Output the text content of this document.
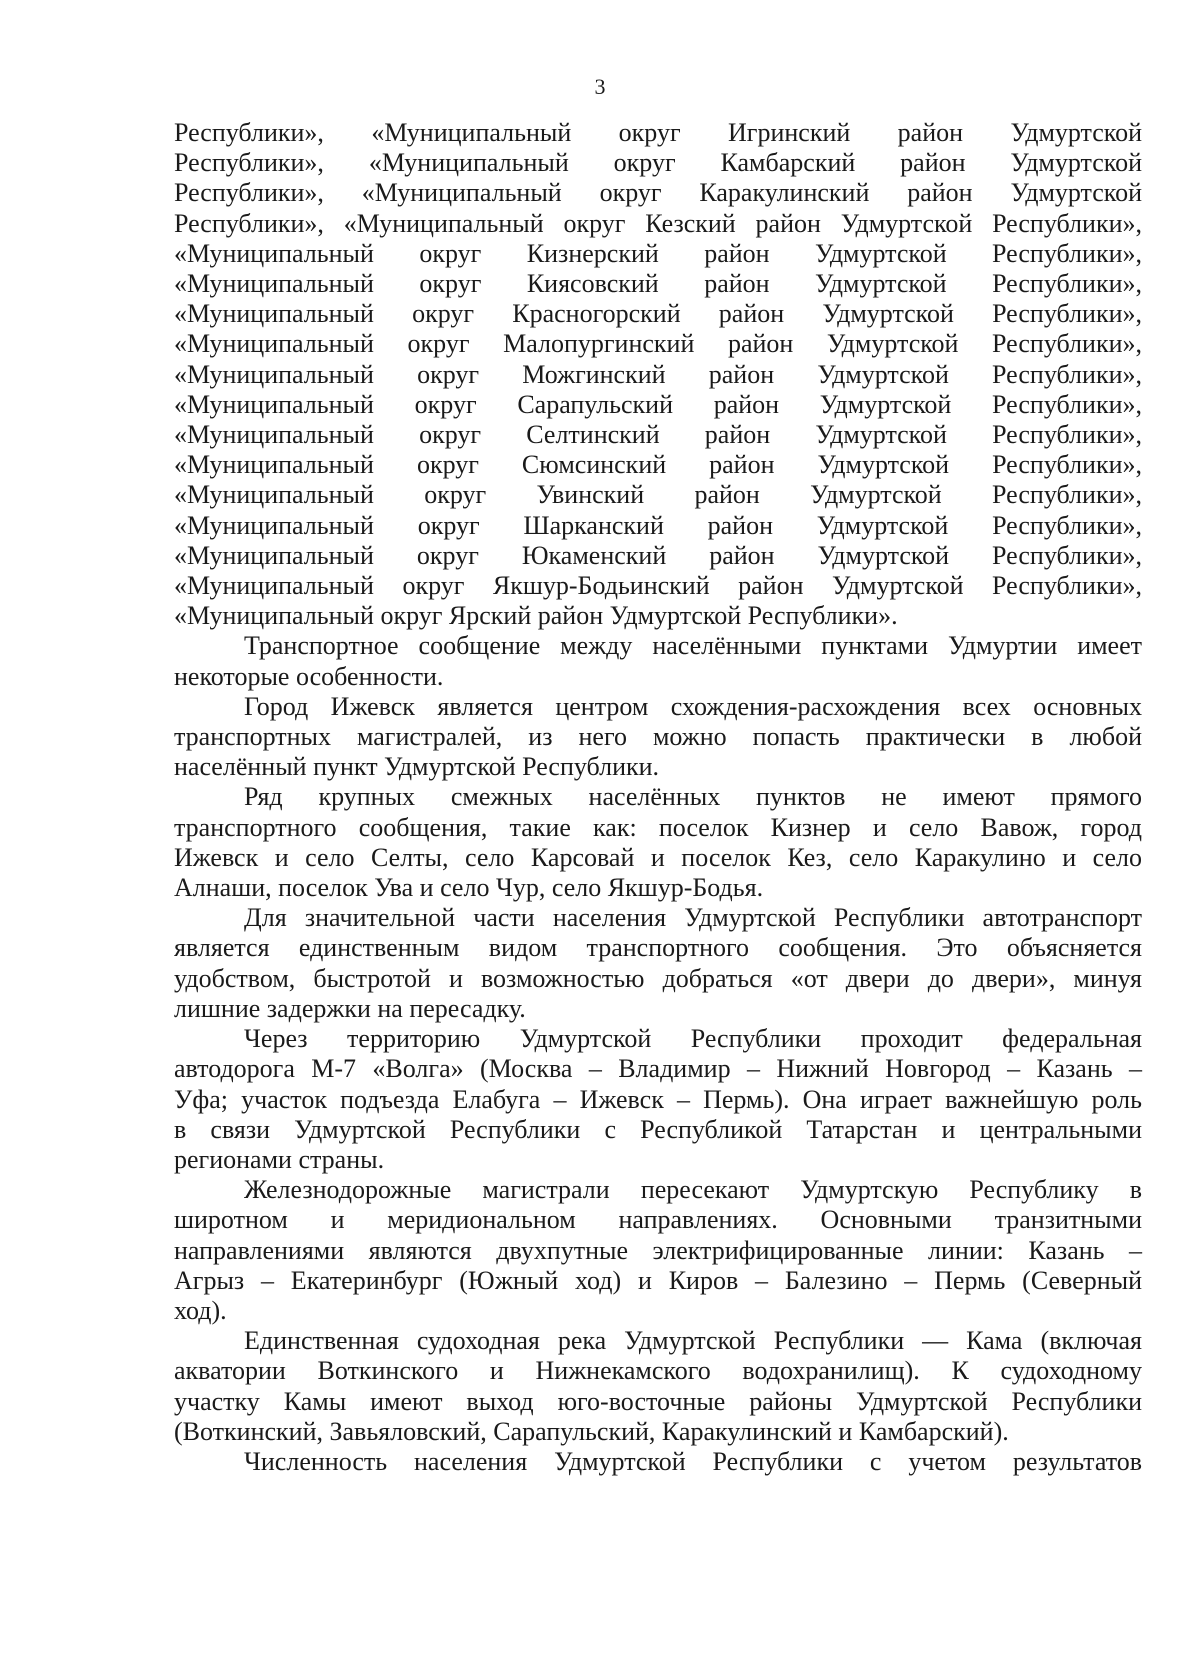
3

Республики», «Муниципальный округ Игринский район Удмуртской

Республики», «Муниципальный округ Камбарский район Удмуртской

Республики», «Муниципальный округ Каракулинский район Удмуртской

Республики», «Муниципальный округ Кезский район Удмуртской Республики»,

«Муниципальный округ Кизнерский район Удмуртской Республики»,

«Муниципальный округ Киясовский район Удмуртской Республики»,

«Муниципальный округ Красногорский район Удмуртской Республики»,

«Муниципальный округ Малопургинский район Удмуртской Республики»,

«Муниципальный округ Можгинский район Удмуртской Республики»,

«Муниципальный округ Сарапульский район Удмуртской Республики»,

«Муниципальный округ Селтинский район Удмуртской Республики»,

«Муниципальный округ Сюмсинский район Удмуртской Республики»,

«Муниципальный округ Увинский район Удмуртской Республики»,

«Муниципальный округ Шарканский район Удмуртской Республики»,

«Муниципальный округ Юкаменский район Удмуртской Республики»,

«Муниципальный округ Якшур-Бодьинский район Удмуртской Республики»,

«Муниципальный округ Ярский район Удмуртской Республики».

Транспортное сообщение между населёнными пунктами Удмуртии имеет

некоторые особенности.

Город Ижевск является центром схождения-расхождения всех основных

транспортных магистралей, из него можно попасть практически в любой

населённый пункт Удмуртской Республики.

Ряд крупных смежных населённых пунктов не имеют прямого

транспортного сообщения, такие как: поселок Кизнер и село Вавож, город

Ижевск и село Селты, село Карсовай и поселок Кез, село Каракулино и село

Алнаши, поселок Ува и село Чур, село Якшур-Бодья.

Для значительной части населения Удмуртской Республики автотранспорт

является единственным видом транспортного сообщения. Это объясняется

удобством, быстротой и возможностью добраться «от двери до двери», минуя

лишние задержки на пересадку.

Через территорию Удмуртской Республики проходит федеральная

автодорога М-7 «Волга» (Москва – Владимир – Нижний Новгород – Казань –

Уфа; участок подъезда Елабуга – Ижевск – Пермь). Она играет важнейшую роль

в связи Удмуртской Республики с Республикой Татарстан и центральными

регионами страны.

Железнодорожные магистрали пересекают Удмуртскую Республику в

широтном и меридиональном направлениях. Основными транзитными

направлениями являются двухпутные электрифицированные линии: Казань –

Агрыз – Екатеринбург (Южный ход) и Киров – Балезино – Пермь (Северный

ход).

Единственная судоходная река Удмуртской Республики — Кама (включая

акватории Воткинского и Нижнекамского водохранилищ). К судоходному

участку Камы имеют выход юго-восточные районы Удмуртской Республики

(Воткинский, Завьяловский, Сарапульский, Каракулинский и Камбарский).

Численность населения Удмуртской Республики с учетом результатов
